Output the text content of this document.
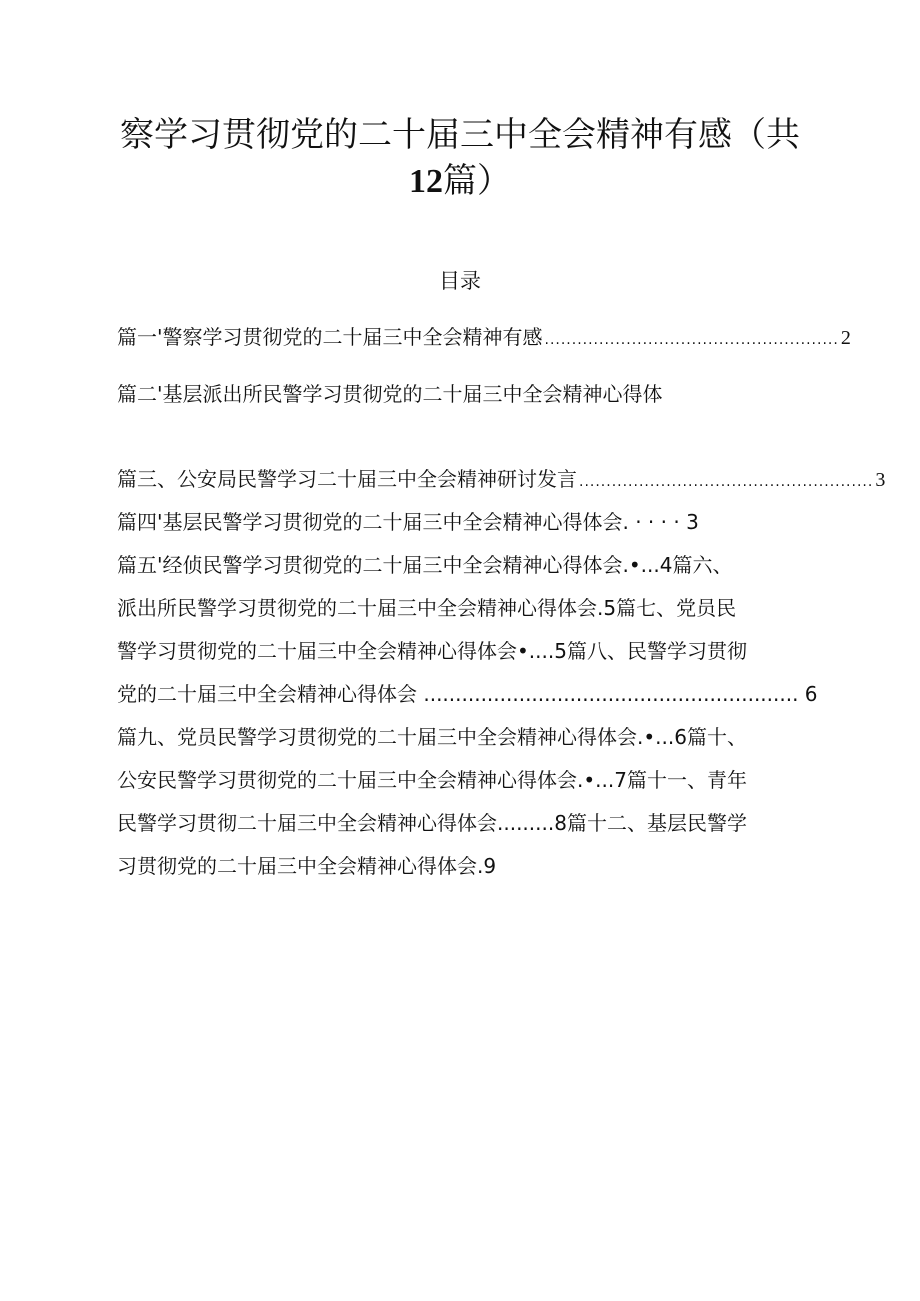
察学习贯彻党的二十届三中全会精神有感（共
12篇）
目录
篇一'警察学习贯彻党的二十届三中全会精神有感 ...................................................... 2
篇二'基层派出所民警学习贯彻党的二十届三中全会精神心得体
篇三、公安局民警学习二十届三中全会精神研讨发言 ...................................................... 3
篇四'基层民警学习贯彻党的二十届三中全会精神心得体会. · · · · 3
篇五'经侦民警学习贯彻党的二十届三中全会精神心得体会.•...4篇六、
派出所民警学习贯彻党的二十届三中全会精神心得体会.5篇七、党员民
警学习贯彻党的二十届三中全会精神心得体会•....5篇八、民警学习贯彻
党的二十届三中全会精神心得体会 ........................................................... 6
篇九、党员民警学习贯彻党的二十届三中全会精神心得体会.•...6篇十、
公安民警学习贯彻党的二十届三中全会精神心得体会.•...7篇十一、青年
民警学习贯彻二十届三中全会精神心得体会.........8篇十二、基层民警学
习贯彻党的二十届三中全会精神心得体会.9
